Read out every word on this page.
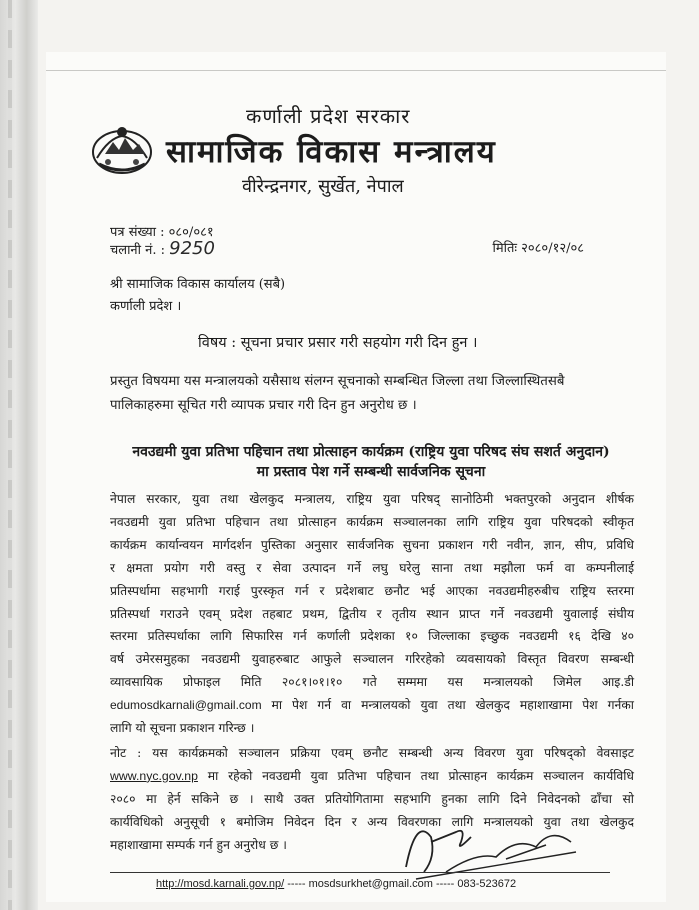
कर्णाली प्रदेश सरकार
सामाजिक विकास मन्त्रालय
वीरेन्द्रनगर, सुर्खेत, नेपाल
पत्र संख्या : ०८०/०८१
चलानी नं. : 9250	मितिः २०८०/१२/०८
श्री सामाजिक विकास कार्यालय (सबै)
कर्णाली प्रदेश ।
विषय : सूचना प्रचार प्रसार गरी सहयोग गरी दिन हुन ।
प्रस्तुत विषयमा यस मन्त्रालयको यसैसाथ संलग्न सूचनाको सम्बन्धित जिल्ला तथा जिल्लास्थितसबै
पालिकाहरुमा सूचित गरी व्यापक प्रचार गरी दिन हुन अनुरोध छ ।
नवउद्यमी युवा प्रतिभा पहिचान तथा प्रोत्साहन कार्यक्रम (राष्ट्रिय युवा परिषद संघ सशर्त अनुदान)
मा प्रस्ताव पेश गर्ने सम्बन्धी सार्वजनिक सूचना
नेपाल सरकार, युवा तथा खेलकुद मन्त्रालय, राष्ट्रिय युवा परिषद् सानोठिमी भक्तपुरको अनुदान शीर्षक
नवउद्यमी युवा प्रतिभा पहिचान तथा प्रोत्साहन कार्यक्रम सञ्चालनका लागि राष्ट्रिय युवा परिषदको स्वीकृत
कार्यक्रम कार्यान्वयन मार्गदर्शन पुस्तिका अनुसार सार्वजनिक सुचना प्रकाशन गरी नवीन, ज्ञान, सीप, प्रविधि
र क्षमता प्रयोग गरी वस्तु र सेवा उत्पादन गर्ने लघु घरेलु साना तथा मझौला फर्म वा कम्पनीलाई
प्रतिस्पर्धामा सहभागी गराई पुरस्कृत गर्न र प्रदेशबाट छनौट भई आएका नवउद्यमीहरुबीच राष्ट्रिय स्तरमा
प्रतिस्पर्धा गराउने एवम् प्रदेश तहबाट प्रथम, द्वितीय र तृतीय स्थान प्राप्त गर्ने नवउद्यमी युवालाई संघीय
स्तरमा प्रतिस्पर्धाका लागि सिफारिस गर्न कर्णाली प्रदेशका १० जिल्लाका इच्छुक नवउद्यमी १६ देखि ४०
वर्ष उमेरसमुहका नवउद्यमी युवाहरुबाट आफुले सञ्चालन गरिरहेको व्यवसायको विस्तृत विवरण सम्बन्धी
व्यावसायिक प्रोफाइल मिति २०८१।०१।१० गते सम्ममा यस मन्त्रालयको जिमेल आइ.डी
edumosdkarnali@gmail.com मा पेश गर्न वा मन्त्रालयको युवा तथा खेलकुद महाशाखामा पेश गर्नका
लागि यो सूचना प्रकाशन गरिन्छ ।
नोट : यस कार्यक्रमको सञ्चालन प्रक्रिया एवम् छनौट सम्बन्धी अन्य विवरण युवा परिषद्को वेवसाइट
www.nyc.gov.np मा रहेको नवउद्यमी युवा प्रतिभा पहिचान तथा प्रोत्साहन कार्यक्रम सञ्चालन कार्यविधि
२०८० मा हेर्न सकिने छ । साथै उक्त प्रतियोगितामा सहभागि हुनका लागि दिने निवेदनको ढाँचा सो
कार्यविधिको अनुसूची १ बमोजिम निवेदन दिन र अन्य विवरणका लागि मन्त्रालयको युवा तथा खेलकुद
महाशाखामा सम्पर्क गर्न हुन अनुरोध छ ।
http://mosd.karnali.gov.np/ ----- mosdsurkhet@gmail.com ----- 083-523672
